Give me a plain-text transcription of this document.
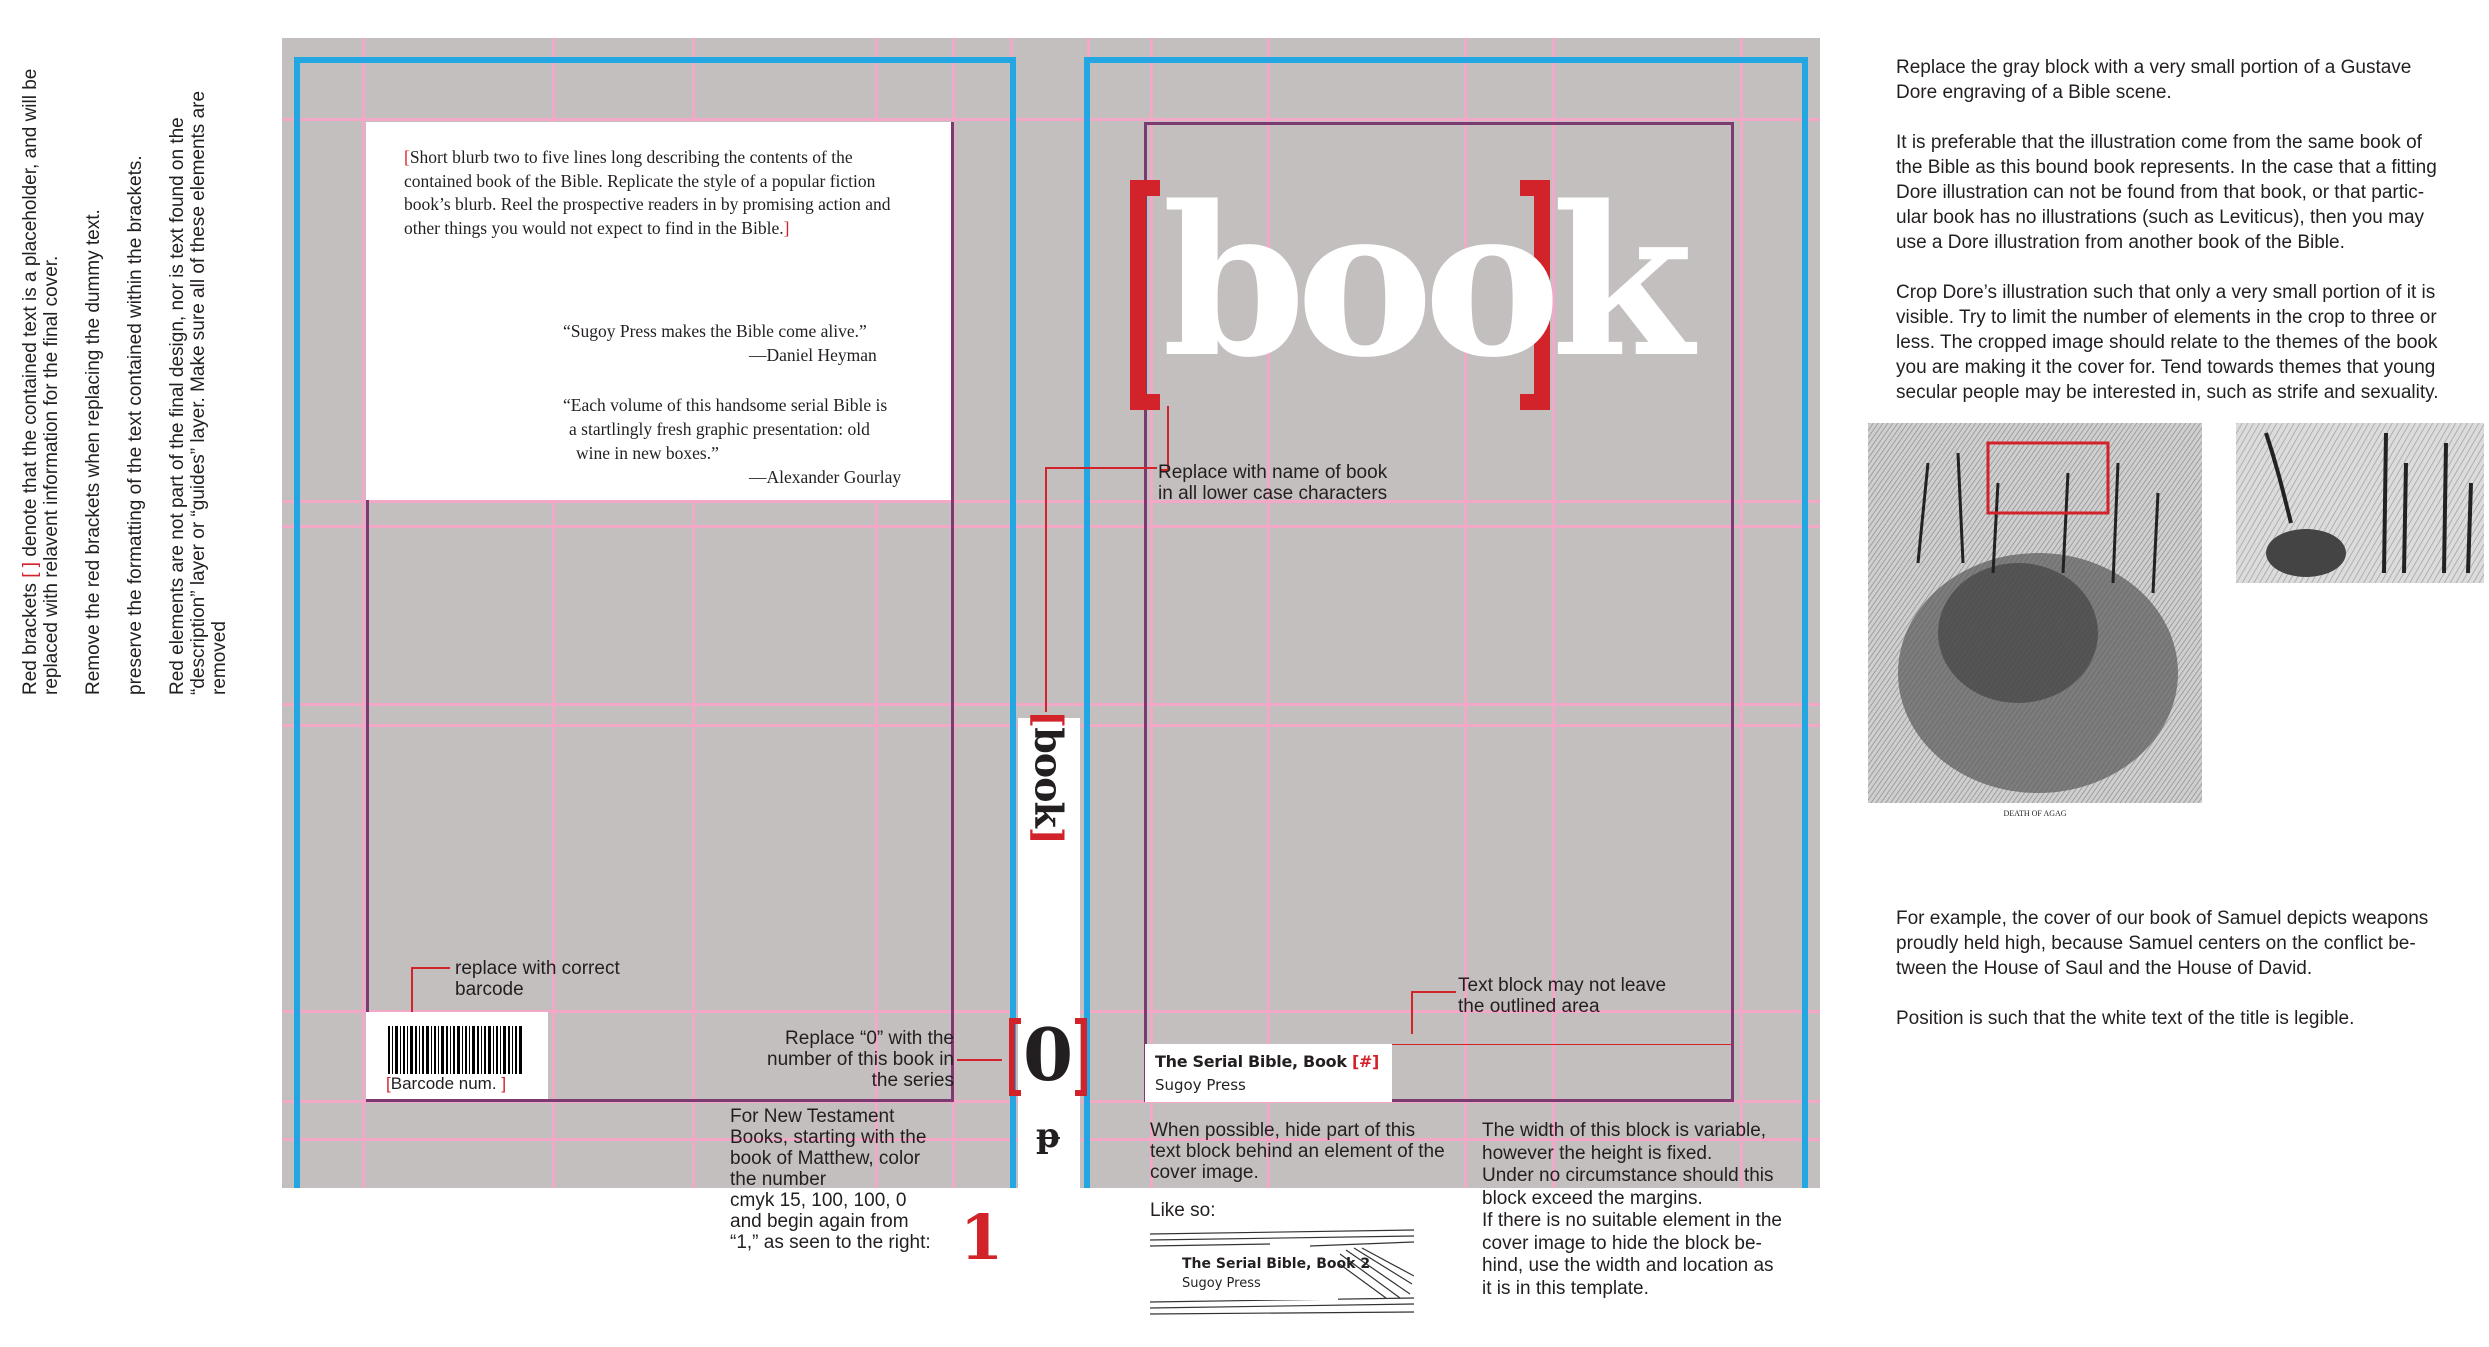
Red brackets [ ] denote that the contained text is a placeholder, and will be replaced with relavent information for the final cover. Remove the red brackets when replacing the dummy text. preserve the formatting of the text contained within the brackets. Red elements are not part of the final design, nor is text found on the “description” layer or “guides” layer. Make sure all of these elements are removed

[Short blurb two to five lines long describing the contents of the contained book of the Bible. Replicate the style of a popular fiction book’s blurb. Reel the prospective readers in by promising action and other things you would not expect to find in the Bible.]
“Sugoy Press makes the Bible come alive.”
—Daniel Heyman
“Each volume of this handsome serial Bible is
a startlingly fresh graphic presentation: old
wine in new boxes.”
—Alexander Gourlay
[Barcode num. ]
[book]
0
ᵽ
book
The Serial Bible, Book [#]
Sugoy Press
replace with correct
barcode
Replace “0” with the
number of this book in
the series
Replace with name of book
in all lower case characters
Text block may not leave
the outlined area
For New Testament
Books, starting with the
book of Matthew, color
the number
cmyk 15, 100, 100, 0
and begin again from
“1,” as seen to the right: 1
When possible, hide part of this
text block behind an element of the
cover image.
Like so:
The Serial Bible, Book 2
Sugoy Press
The width of this block is variable,
however the height is fixed.
Under no circumstance should this
block exceed the margins.
If there is no suitable element in the
cover image to hide the block be-
hind, use the width and location as
it is in this template.

Replace the gray block with a very small portion of a Gustave
Dore engraving of a Bible scene.

It is preferable that the illustration come from the same book of
the Bible as this bound book represents. In the case that a fitting
Dore illustration can not be found from that book, or that partic-
ular book has no illustrations (such as Leviticus), then you may
use a Dore illustration from another book of the Bible.

Crop Dore’s illustration such that only a very small portion of it is
visible. Try to limit the number of elements in the crop to three or
less. The cropped image should relate to the themes of the book
you are making it the cover for. Tend towards themes that young
secular people may be interested in, such as strife and sexuality.

DEATH OF AGAG

For example, the cover of our book of Samuel depicts weapons
proudly held high, because Samuel centers on the conflict be-
tween the House of Saul and the House of David.

Position is such that the white text of the title is legible.
